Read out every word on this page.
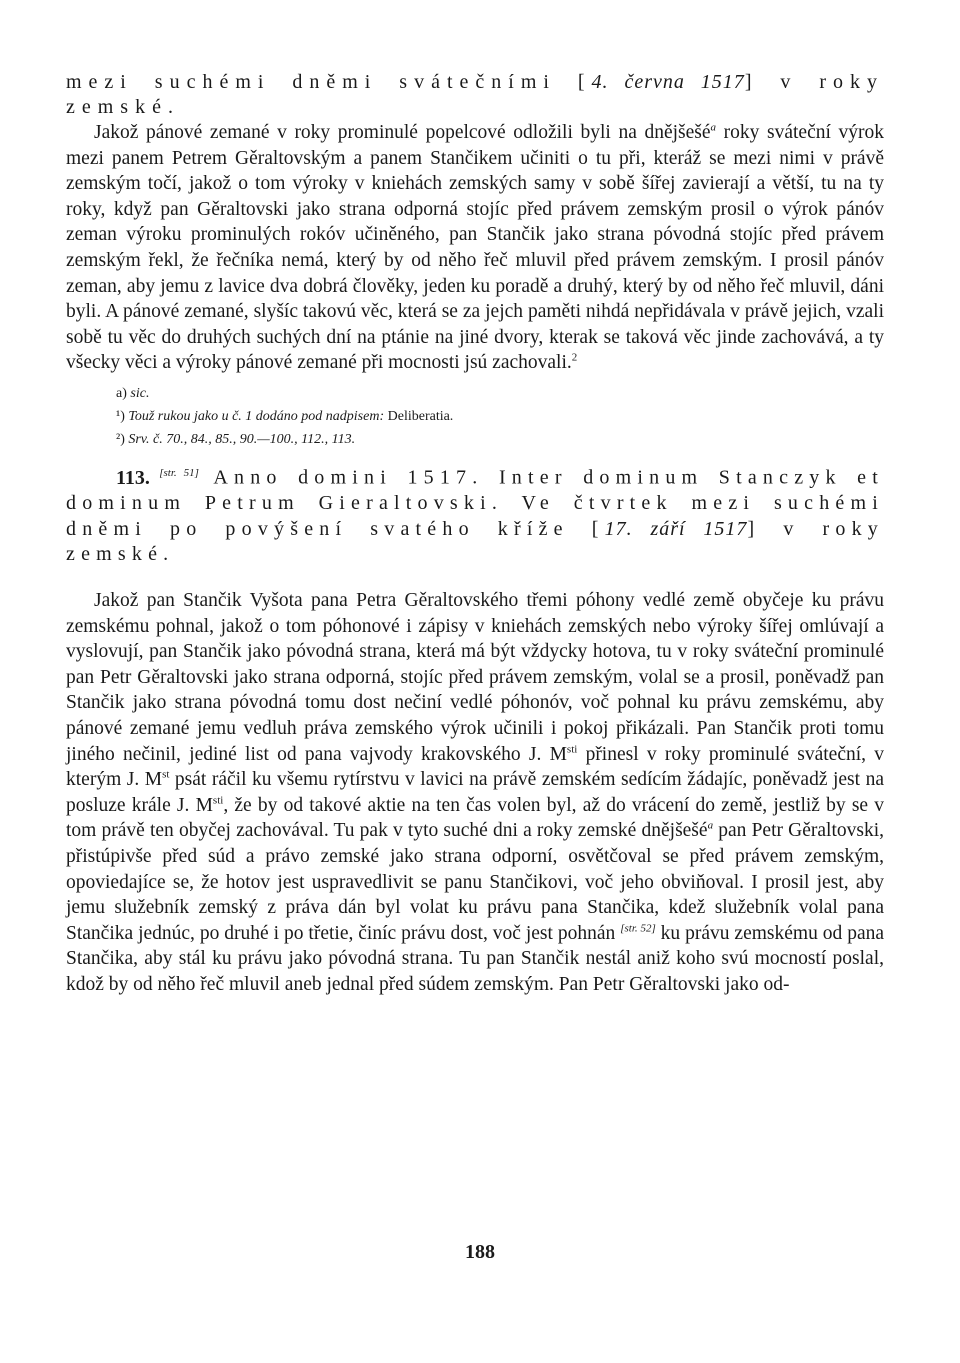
mezi suchémi dněmi svátečními [4. června 1517] v roky zemské.

Jakož pánové zemané v roky prominulé popelcové odložili byli na dnějšešé$^a$ roky sváteční výrok mezi panem Petrem Gěraltovským a panem Stančikem učiniti o tu při, kteráž se mezi nimi v právě zemským točí, jakož o tom výroky v kniehách zemských samy v sobě šířej zavierají a větší, tu na ty roky, když pan Gěraltovski jako strana odporná stojíc před právem zemským prosil o výrok pánóv zeman výroku prominulých rokóv učiněného, pan Stančik jako strana póvodná stojíc před právem zemským řekl, že řečníka nemá, který by od něho řeč mluvil před právem zemským. I prosil pánóv zeman, aby jemu z lavice dva dobrá člověky, jeden ku poradě a druhý, který by od něho řeč mluvil, dáni byli. A pánové zemané, slyšíc takovú věc, která se za jejch paměti nihdá nepřidávala v právě jejich, vzali sobě tu věc do druhých suchých dní na ptánie na jiné dvory, kterak se taková věc jinde zachovává, a ty všecky věci a výroky pánové zemané při mocnosti jsú zachovali.$^2$

a) sic.
¹) Touž rukou jako u č. 1 dodáno pod nadpisem: Deliberatia.
²) Srv. č. 70., 84., 85., 90.—100., 112., 113.

113. [str. 51] Anno domini 1517. Inter dominum Stanczyk et dominum Petrum Gieraltovski. Ve čtvrtek mezi suchémi dněmi po povýšení svatého kříže [17. září 1517] v roky zemské.

Jakož pan Stančik Vyšota pana Petra Gěraltovského třemi póhony vedlé země obyčeje ku právu zemskému pohnal, jakož o tom póhonové i zápisy v kniehách zemských nebo výroky šířej omlúvají a vyslovují, pan Stančik jako póvodná strana, která má být vždycky hotova, tu v roky sváteční prominulé pan Petr Gěraltovski jako strana odporná, stojíc před právem zemským, volal se a prosil, poněvadž pan Stančik jako strana póvodná tomu dost nečiní vedlé póhonóv, voč pohnal ku právu zemskému, aby pánové zemané jemu vedluh práva zemského výrok učinili i pokoj přikázali. Pan Stančik proti tomu jiného nečinil, jediné list od pana vajvody krakovského J. $M^{sti}$ přinesl v roky prominulé sváteční, v kterým J. Mst psát ráčil ku všemu rytírstvu v lavici na právě zemském sedícím žádajíc, poněvadž jest na posluze krále J. $M^{sti}$, že by od takové aktie na ten čas volen byl, až do vrácení do země, jestliž by se v tom právě ten obyčej zachovával. Tu pak v tyto suché dni a roky zemské dnějšešé$^a$ pan Petr Gěraltovski, přistúpivše před súd a právo zemské jako strana odporní, osvětčoval se před právem zemským, opoviedajíce se, že hotov jest uspravedlivit se panu Stančikovi, voč jeho obviňoval. I prosil jest, aby jemu služebník zemský z práva dán byl volat ku právu pana Stančika, kdež služebník volal pana Stančika jednúc, po druhé i po třetie, činíc právu dost, voč jest pohnán [str. 52] ku právu zemskému od pana Stančika, aby stál ku právu jako póvodná strana. Tu pan Stančik nestál aniž koho svú mocností poslal, kdož by od něho řeč mluvil aneb jednal před súdem zemským. Pan Petr Gěraltovski jako od-

188
